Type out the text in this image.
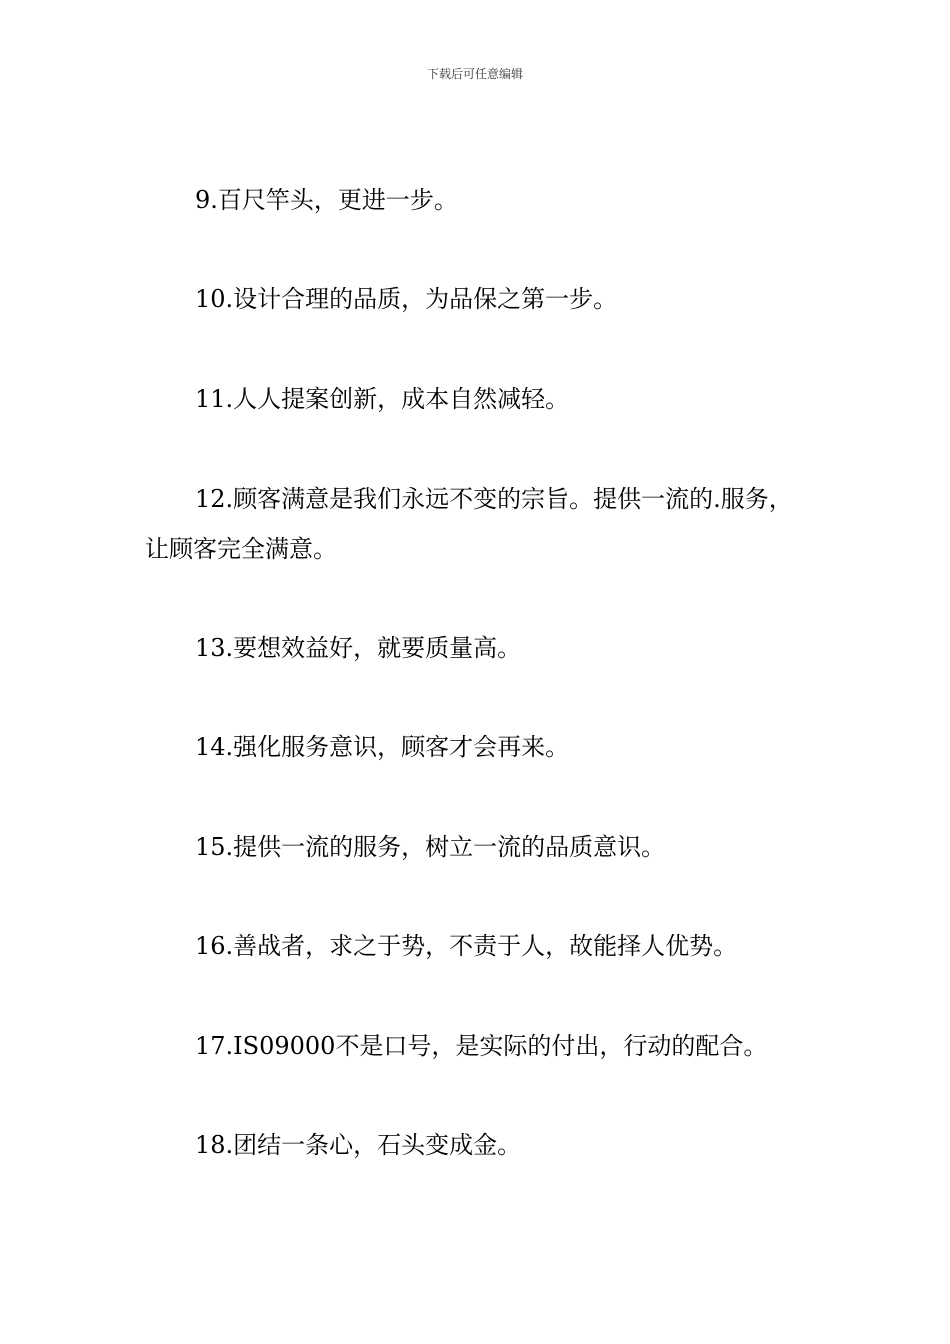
下载后可任意编辑

9.百尺竿头，更进一步。

10.设计合理的品质，为品保之第一步。

11.人人提案创新，成本自然减轻。

12.顾客满意是我们永远不变的宗旨。提供一流的.服务，让顾客完全满意。

13.要想效益好，就要质量高。

14.强化服务意识，顾客才会再来。

15.提供一流的服务，树立一流的品质意识。

16.善战者，求之于势，不责于人，故能择人优势。

17.IS09000不是口号，是实际的付出，行动的配合。

18.团结一条心，石头变成金。
